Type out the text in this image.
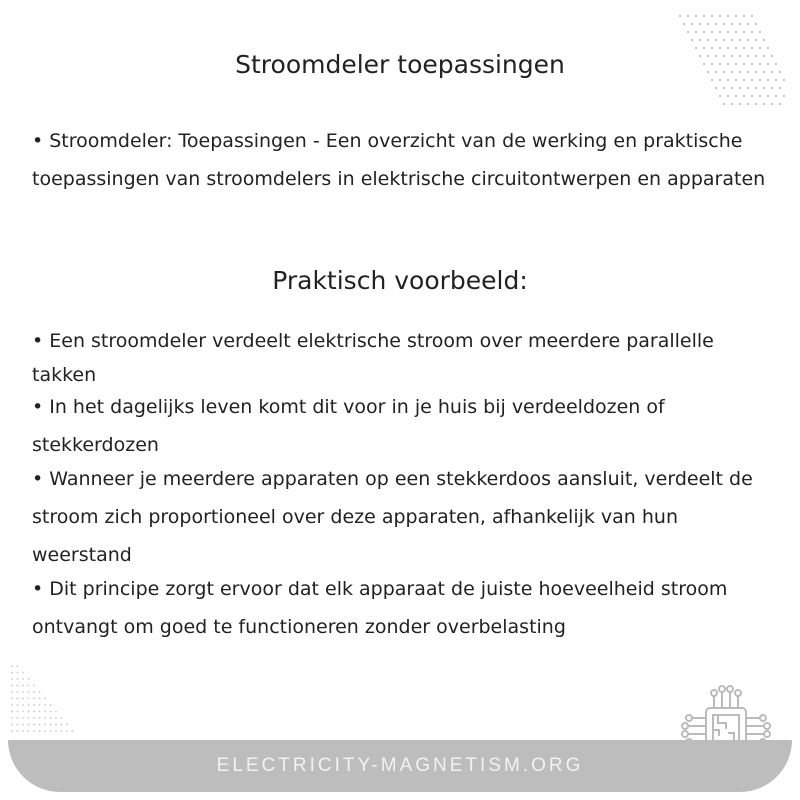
Stroomdeler toepassingen
• Stroomdeler: Toepassingen - Een overzicht van de werking en praktische toepassingen van stroomdelers in elektrische circuitontwerpen en apparaten
Praktisch voorbeeld:
• Een stroomdeler verdeelt elektrische stroom over meerdere parallelle takken
• In het dagelijks leven komt dit voor in je huis bij verdeeldozen of stekkerdozen
• Wanneer je meerdere apparaten op een stekkerdoos aansluit, verdeelt de stroom zich proportioneel over deze apparaten, afhankelijk van hun weerstand
• Dit principe zorgt ervoor dat elk apparaat de juiste hoeveelheid stroom ontvangt om goed te functioneren zonder overbelasting
ELECTRICITY-MAGNETISM.ORG
